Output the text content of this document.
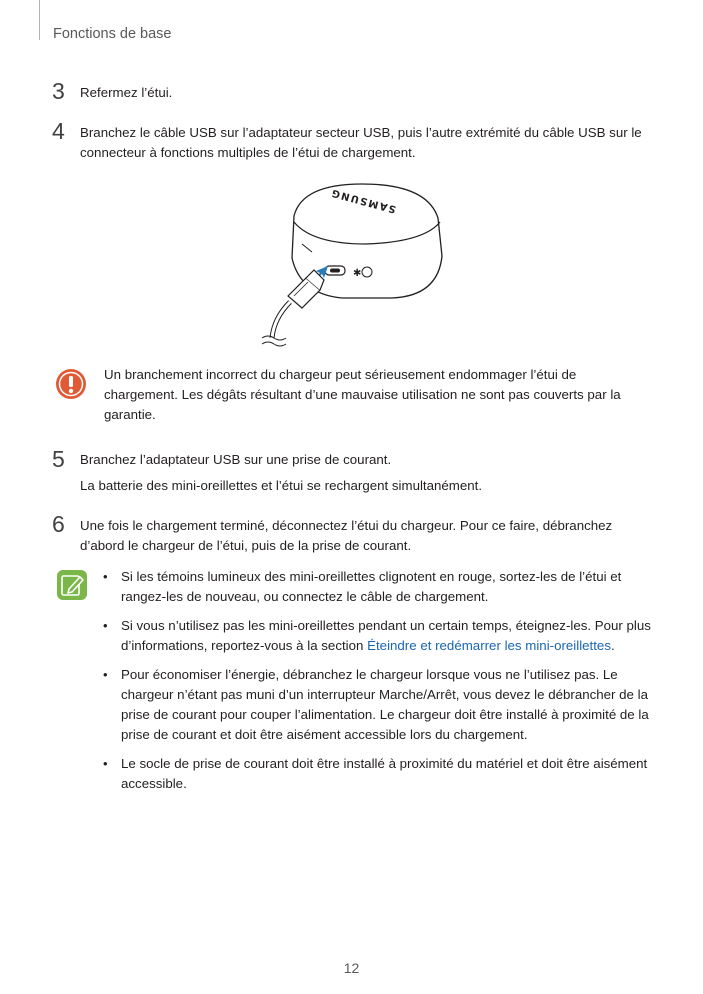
Fonctions de base
3 Refermez l’étui.
4 Branchez le câble USB sur l’adaptateur secteur USB, puis l’autre extrémité du câble USB sur le connecteur à fonctions multiples de l’étui de chargement.
SAMSUNG
✱
Un branchement incorrect du chargeur peut sérieusement endommager l’étui de chargement. Les dégâts résultant d’une mauvaise utilisation ne sont pas couverts par la garantie.
5 Branchez l’adaptateur USB sur une prise de courant.
La batterie des mini-oreillettes et l’étui se rechargent simultanément.
6 Une fois le chargement terminé, déconnectez l’étui du chargeur. Pour ce faire, débranchez d’abord le chargeur de l’étui, puis de la prise de courant.
• Si les témoins lumineux des mini-oreillettes clignotent en rouge, sortez-les de l’étui et rangez-les de nouveau, ou connectez le câble de chargement.
• Si vous n’utilisez pas les mini-oreillettes pendant un certain temps, éteignez-les. Pour plus d’informations, reportez-vous à la section Éteindre et redémarrer les mini-oreillettes.
• Pour économiser l’énergie, débranchez le chargeur lorsque vous ne l’utilisez pas. Le chargeur n’étant pas muni d’un interrupteur Marche/Arrêt, vous devez le débrancher de la prise de courant pour couper l’alimentation. Le chargeur doit être installé à proximité de la prise de courant et doit être aisément accessible lors du chargement.
• Le socle de prise de courant doit être installé à proximité du matériel et doit être aisément accessible.
12
